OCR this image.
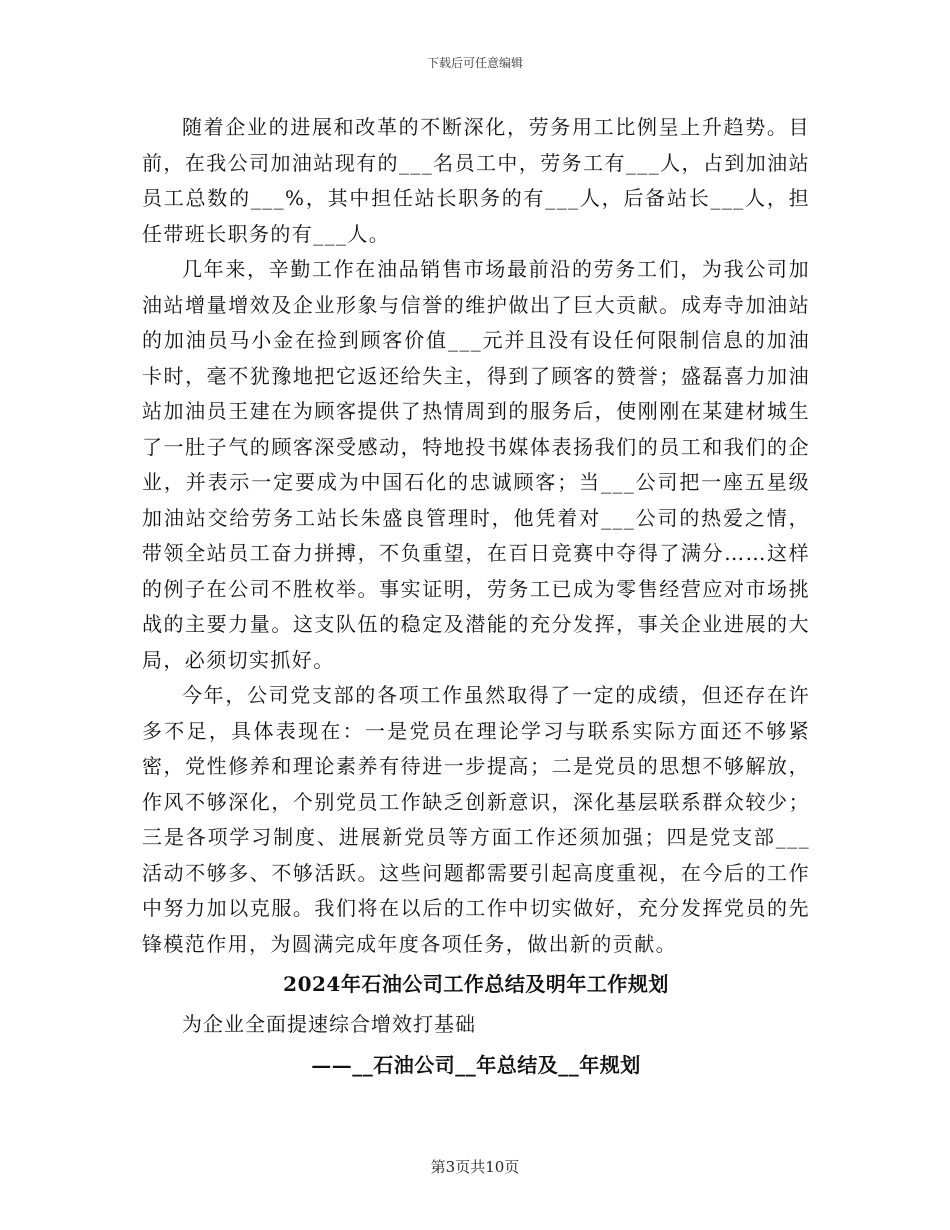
下载后可任意编辑

随着企业的进展和改革的不断深化，劳务用工比例呈上升趋势。目前，在我公司加油站现有的___名员工中，劳务工有___人，占到加油站员工总数的___%，其中担任站长职务的有___人，后备站长___人，担任带班长职务的有___人。

几年来，辛勤工作在油品销售市场最前沿的劳务工们，为我公司加油站增量增效及企业形象与信誉的维护做出了巨大贡献。成寿寺加油站的加油员马小金在捡到顾客价值___元并且没有设任何限制信息的加油卡时，毫不犹豫地把它返还给失主，得到了顾客的赞誉；盛磊喜力加油站加油员王建在为顾客提供了热情周到的服务后，使刚刚在某建材城生了一肚子气的顾客深受感动，特地投书媒体表扬我们的员工和我们的企业，并表示一定要成为中国石化的忠诚顾客；当___公司把一座五星级加油站交给劳务工站长朱盛良管理时，他凭着对___公司的热爱之情，带领全站员工奋力拼搏，不负重望，在百日竞赛中夺得了满分……这样的例子在公司不胜枚举。事实证明，劳务工已成为零售经营应对市场挑战的主要力量。这支队伍的稳定及潜能的充分发挥，事关企业进展的大局，必须切实抓好。

今年，公司党支部的各项工作虽然取得了一定的成绩，但还存在许多不足，具体表现在：一是党员在理论学习与联系实际方面还不够紧密，党性修养和理论素养有待进一步提高；二是党员的思想不够解放，作风不够深化，个别党员工作缺乏创新意识，深化基层联系群众较少；三是各项学习制度、进展新党员等方面工作还须加强；四是党支部___活动不够多、不够活跃。这些问题都需要引起高度重视，在今后的工作中努力加以克服。我们将在以后的工作中切实做好，充分发挥党员的先锋模范作用，为圆满完成年度各项任务，做出新的贡献。

2024年石油公司工作总结及明年工作规划

为企业全面提速综合增效打基础

——__石油公司__年总结及__年规划

第3页共10页
